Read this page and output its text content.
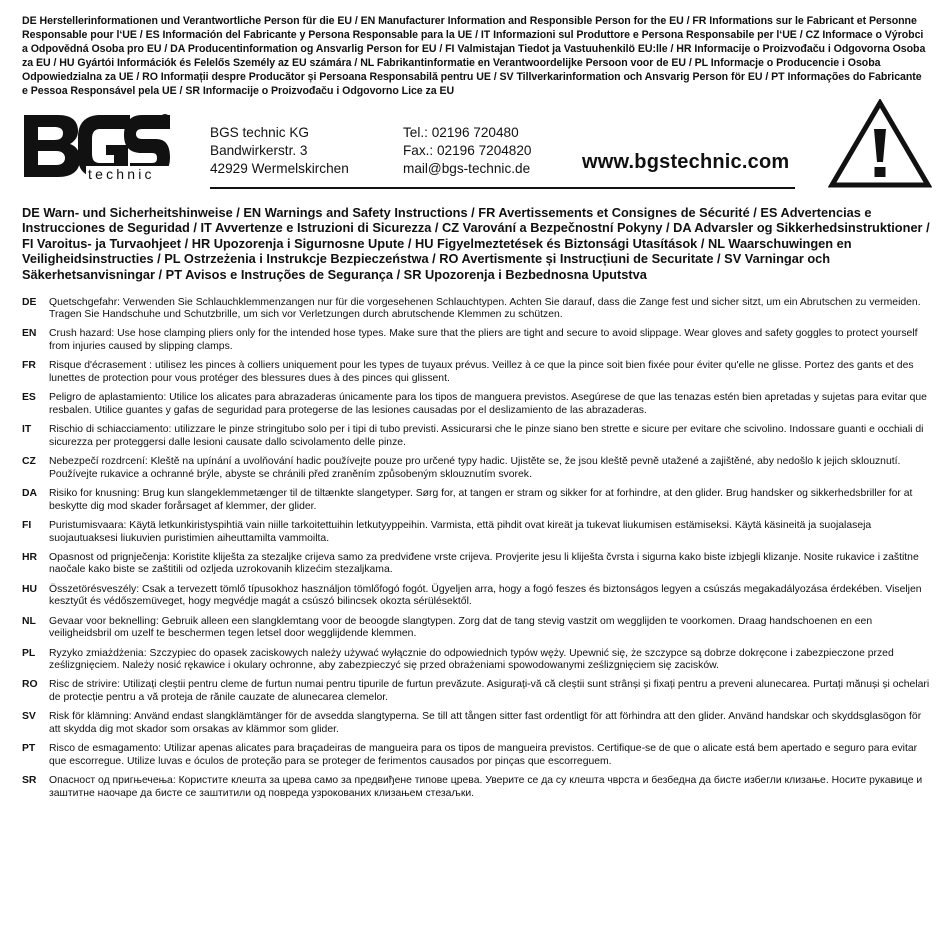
DE Herstellerinformationen und Verantwortliche Person für die EU / EN Manufacturer Information and Responsible Person for the EU / FR Informations sur le Fabricant et Personne Responsable pour l‘UE / ES Información del Fabricante y Persona Responsable para la UE / IT Informazioni sul Produttore e Persona Responsabile per l‘UE / CZ Informace o Výrobci a Odpovědná Osoba pro EU / DA Producentinformation og Ansvarlig Person for EU / FI Valmistajan Tiedot ja Vastuuhenkilö EU:lle / HR Informacije o Proizvođaču i Odgovorna Osoba za EU / HU Gyártói Információk és Felelős Személy az EU számára / NL Fabrikantinformatie en Verantwoordelijke Persoon voor de EU / PL Informacje o Producencie i Osoba Odpowiedzialna za UE / RO Informații despre Producător și Persoana Responsabilă pentru UE / SV Tillverkarinformation och Ansvarig Person för EU / PT Informações do Fabricante e Pessoa Responsável pela UE / SR Informacije o Proizvođaču i Odgovorno Lice za EU

R
technic
BGS technic KG
Bandwirkerstr. 3
42929 Wermelskirchen
Tel.: 02196 720480
Fax.: 02196 7204820
mail@bgs-technic.de	www.bgstechnic.com
DE Warn- und Sicherheitshinweise / EN Warnings and Safety Instructions / FR Avertissements et Consignes de Sécurité / ES Advertencias e Instrucciones de Seguridad / IT Avvertenze e Istruzioni di Sicurezza / CZ Varování a Bezpečnostní Pokyny / DA Advarsler og Sikkerhedsinstruktioner / FI Varoitus- ja Turvaohjeet / HR Upozorenja i Sigurnosne Upute / HU Figyelmeztetések és Biztonsági Utasítások / NL Waarschuwingen en Veiligheidsinstructies / PL Ostrzeżenia i Instrukcje Bezpieczeństwa / RO Avertismente și Instrucțiuni de Securitate / SV Varningar och Säkerhetsanvisningar / PT Avisos e Instruções de Segurança / SR Upozorenja i Bezbednosna Uputstva
DE	Quetschgefahr: Verwenden Sie Schlauchklemmenzangen nur für die vorgesehenen Schlauchtypen. Achten Sie darauf, dass die Zange fest und sicher sitzt, um ein Abrutschen zu vermeiden. Tragen Sie Handschuhe und Schutzbrille, um sich vor Verletzungen durch abrutschende Klemmen zu schützen.
EN	Crush hazard: Use hose clamping pliers only for the intended hose types. Make sure that the pliers are tight and secure to avoid slippage. Wear gloves and safety goggles to protect yourself from injuries caused by slipping clamps.
FR	Risque d'écrasement : utilisez les pinces à colliers uniquement pour les types de tuyaux prévus. Veillez à ce que la pince soit bien fixée pour éviter qu'elle ne glisse. Portez des gants et des lunettes de protection pour vous protéger des blessures dues à des pinces qui glissent.
ES	Peligro de aplastamiento: Utilice los alicates para abrazaderas únicamente para los tipos de manguera previstos. Asegúrese de que las tenazas estén bien apretadas y sujetas para evitar que resbalen. Utilice guantes y gafas de seguridad para protegerse de las lesiones causadas por el deslizamiento de las abrazaderas.
IT	Rischio di schiacciamento: utilizzare le pinze stringitubo solo per i tipi di tubo previsti. Assicurarsi che le pinze siano ben strette e sicure per evitare che scivolino. Indossare guanti e occhiali di sicurezza per proteggersi dalle lesioni causate dallo scivolamento delle pinze.
CZ	Nebezpečí rozdrcení: Kleště na upínání a uvolňování hadic používejte pouze pro určené typy hadic. Ujistěte se, že jsou kleště pevně utažené a zajištěné, aby nedošlo k jejich sklouznutí. Používejte rukavice a ochranné brýle, abyste se chránili před zraněním způsobeným sklouznutím svorek.
DA	Risiko for knusning: Brug kun slangeklemmetænger til de tiltænkte slangetyper. Sørg for, at tangen er stram og sikker for at forhindre, at den glider. Brug handsker og sikkerhedsbriller for at beskytte dig mod skader forårsaget af klemmer, der glider.
FI	Puristumisvaara: Käytä letkunkiristyspihtiä vain niille tarkoitettuihin letkutyyppeihin. Varmista, että pihdit ovat kireät ja tukevat liukumisen estämiseksi. Käytä käsineitä ja suojalaseja suojautuaksesi liukuvien puristimien aiheuttamilta vammoilta.
HR	Opasnost od prignječenja: Koristite kliješta za stezaljke crijeva samo za predviđene vrste crijeva. Provjerite jesu li kliješta čvrsta i sigurna kako biste izbjegli klizanje. Nosite rukavice i zaštitne naočale kako biste se zaštitili od ozljeda uzrokovanih klizećim stezaljkama.
HU	Összetörésveszély: Csak a tervezett tömlő típusokhoz használjon tömlőfogó fogót. Ügyeljen arra, hogy a fogó feszes és biztonságos legyen a csúszás megakadályozása érdekében. Viseljen kesztyűt és védőszemüveget, hogy megvédje magát a csúszó bilincsek okozta sérülésektől.
NL	Gevaar voor beknelling: Gebruik alleen een slangklemtang voor de beoogde slangtypen. Zorg dat de tang stevig vastzit om wegglijden te voorkomen. Draag handschoenen en een veiligheidsbril om uzelf te beschermen tegen letsel door wegglijdende klemmen.
PL	Ryzyko zmiażdżenia: Szczypiec do opasek zaciskowych należy używać wyłącznie do odpowiednich typów węży. Upewnić się, że szczypce są dobrze dokręcone i zabezpieczone przed ześlizgnięciem. Należy nosić rękawice i okulary ochronne, aby zabezpieczyć się przed obrażeniami spowodowanymi ześlizgnięciem się zacisków.
RO	Risc de strivire: Utilizați cleștii pentru cleme de furtun numai pentru tipurile de furtun prevăzute. Asigurați-vă că cleștii sunt strânși și fixați pentru a preveni alunecarea. Purtați mănuși și ochelari de protecție pentru a vă proteja de rănile cauzate de alunecarea clemelor.
SV	Risk för klämning: Använd endast slangklämtänger för de avsedda slangtyperna. Se till att tången sitter fast ordentligt för att förhindra att den glider. Använd handskar och skyddsglasögon för att skydda dig mot skador som orsakas av klämmor som glider.
PT	Risco de esmagamento: Utilizar apenas alicates para braçadeiras de mangueira para os tipos de mangueira previstos. Certifique-se de que o alicate está bem apertado e seguro para evitar que escorregue. Utilize luvas e óculos de proteção para se proteger de ferimentos causados por pinças que escorreguem.
SR	Опасност од пригњечења: Користите клешта за црева само за предвиђене типове црева. Уверите се да су клешта чврста и безбедна да бисте избегли клизање. Носите рукавице и заштитне наочаре да бисте се заштитили од повреда узрокованих клизањем стезаљки.
